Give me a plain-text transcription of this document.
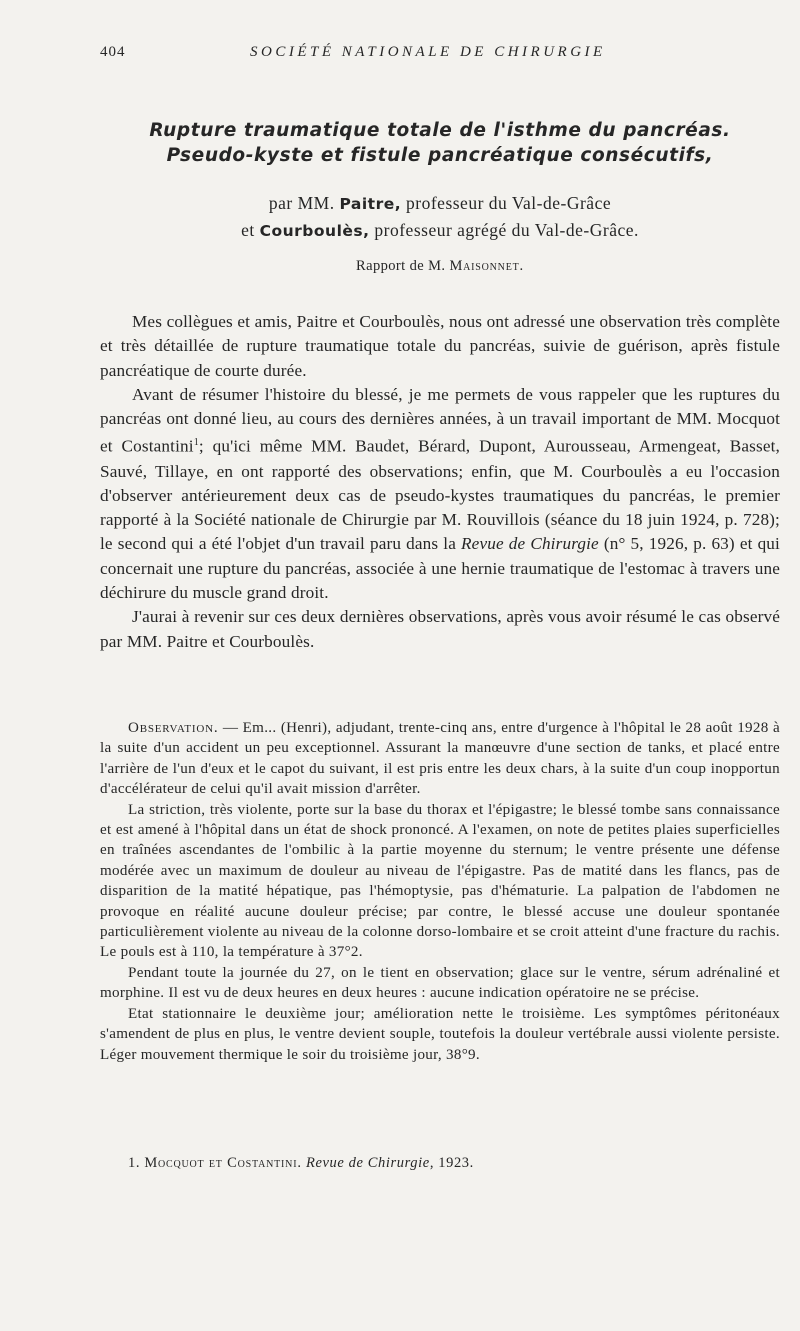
404	SOCIÉTÉ NATIONALE DE CHIRURGIE

Rupture traumatique totale de l'isthme du pancréas.

Pseudo-kyste et fistule pancréatique consécutifs,

par MM. Paitre, professeur du Val-de-Grâce
et Courboulès, professeur agrégé du Val-de-Grâce.
Rapport de M. Maisonnet.

Mes collègues et amis, Paitre et Courboulès, nous ont adressé une observation très complète et très détaillée de rupture traumatique totale du pancréas, suivie de guérison, après fistule pancréatique de courte durée.

Avant de résumer l'histoire du blessé, je me permets de vous rappeler que les ruptures du pancréas ont donné lieu, au cours des dernières années, à un travail important de MM. Mocquot et Costantini$^1$; qu'ici même MM. Baudet, Bérard, Dupont, Aurousseau, Armengeat, Basset, Sauvé, Tillaye, en ont rapporté des observations; enfin, que M. Courboulès a eu l'occasion d'observer antérieurement deux cas de pseudo-kystes traumatiques du pancréas, le premier rapporté à la Société nationale de Chirurgie par M. Rouvillois (séance du 18 juin 1924, p. 728); le second qui a été l'objet d'un travail paru dans la Revue de Chirurgie (n° 5, 1926, p. 63) et qui concernait une rupture du pancréas, associée à une hernie traumatique de l'estomac à travers une déchirure du muscle grand droit.

J'aurai à revenir sur ces deux dernières observations, après vous avoir résumé le cas observé par MM. Paitre et Courboulès.

Observation. — Em... (Henri), adjudant, trente-cinq ans, entre d'urgence à l'hôpital le 28 août 1928 à la suite d'un accident un peu exceptionnel. Assurant la manœuvre d'une section de tanks, et placé entre l'arrière de l'un d'eux et le capot du suivant, il est pris entre les deux chars, à la suite d'un coup inopportun d'accélérateur de celui qu'il avait mission d'arrêter.

La striction, très violente, porte sur la base du thorax et l'épigastre; le blessé tombe sans connaissance et est amené à l'hôpital dans un état de shock prononcé. A l'examen, on note de petites plaies superficielles en traînées ascendantes de l'ombilic à la partie moyenne du sternum; le ventre présente une défense modérée avec un maximum de douleur au niveau de l'épigastre. Pas de matité dans les flancs, pas de disparition de la matité hépatique, pas l'hémoptysie, pas d'hématurie. La palpation de l'abdomen ne provoque en réalité aucune douleur précise; par contre, le blessé accuse une douleur spontanée particulièrement violente au niveau de la colonne dorso-lombaire et se croit atteint d'une fracture du rachis. Le pouls est à 110, la température à 37°2.

Pendant toute la journée du 27, on le tient en observation; glace sur le ventre, sérum adrénaliné et morphine. Il est vu de deux heures en deux heures : aucune indication opératoire ne se précise.

Etat stationnaire le deuxième jour; amélioration nette le troisième. Les symptômes péritonéaux s'amendent de plus en plus, le ventre devient souple, toutefois la douleur vertébrale aussi violente persiste. Léger mouvement thermique le soir du troisième jour, 38°9.

1. Mocquot et Costantini. Revue de Chirurgie, 1923.
